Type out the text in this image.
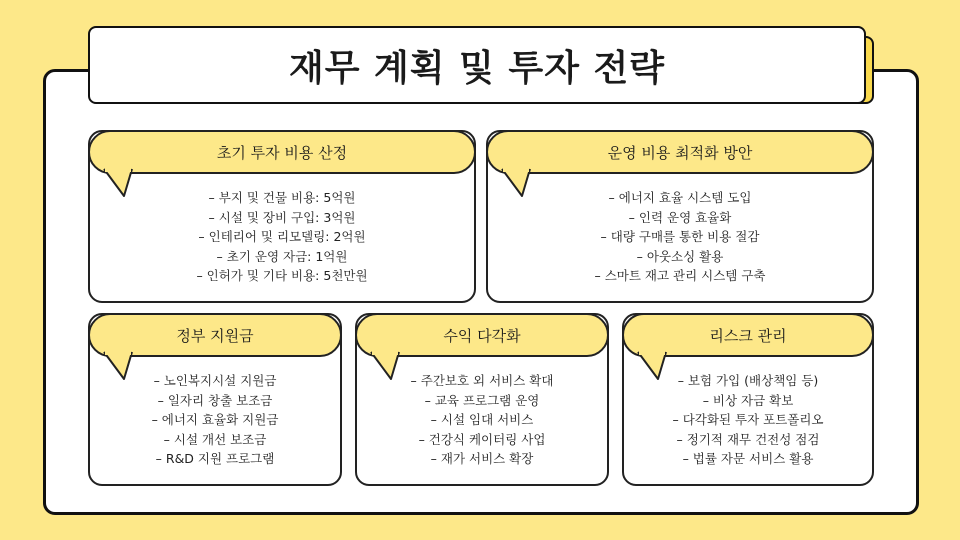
재무 계획 및 투자 전략
초기 투자 비용 산정
– 부지 및 건물 비용: 5억원
– 시설 및 장비 구입: 3억원
– 인테리어 및 리모델링: 2억원
– 초기 운영 자금: 1억원
– 인허가 및 기타 비용: 5천만원
운영 비용 최적화 방안
– 에너지 효율 시스템 도입
– 인력 운영 효율화
– 대량 구매를 통한 비용 절감
– 아웃소싱 활용
– 스마트 재고 관리 시스템 구축
정부 지원금
– 노인복지시설 지원금
– 일자리 창출 보조금
– 에너지 효율화 지원금
– 시설 개선 보조금
– R&D 지원 프로그램
수익 다각화
– 주간보호 외 서비스 확대
– 교육 프로그램 운영
– 시설 임대 서비스
– 건강식 케이터링 사업
– 재가 서비스 확장
리스크 관리
– 보험 가입 (배상책임 등)
– 비상 자금 확보
– 다각화된 투자 포트폴리오
– 정기적 재무 건전성 점검
– 법률 자문 서비스 활용
